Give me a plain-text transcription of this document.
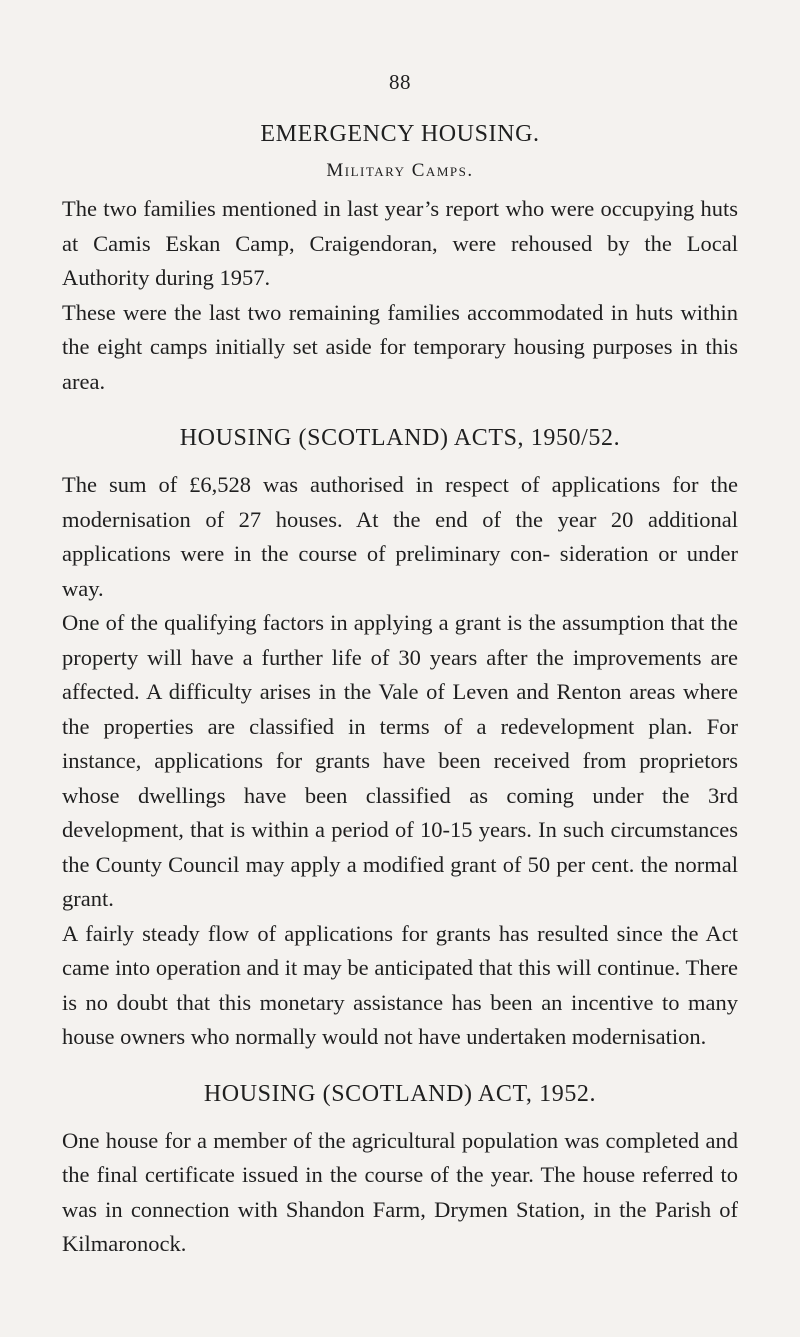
88
EMERGENCY HOUSING.
Military Camps.

The two families mentioned in last year’s report who were occupying huts at Camis Eskan Camp, Craigendoran, were rehoused by the Local Authority during 1957.

These were the last two remaining families accommodated in huts within the eight camps initially set aside for temporary housing purposes in this area.

HOUSING (SCOTLAND) ACTS, 1950/52.

The sum of £6,528 was authorised in respect of applications for the modernisation of 27 houses. At the end of the year 20 additional applications were in the course of preliminary con- sideration or under way.

One of the qualifying factors in applying a grant is the assumption that the property will have a further life of 30 years after the improvements are affected. A difficulty arises in the Vale of Leven and Renton areas where the properties are classified in terms of a redevelopment plan. For instance, applications for grants have been received from proprietors whose dwellings have been classified as coming under the 3rd development, that is within a period of 10-15 years. In such circumstances the County Council may apply a modified grant of 50 per cent. the normal grant.

A fairly steady flow of applications for grants has resulted since the Act came into operation and it may be anticipated that this will continue. There is no doubt that this monetary assistance has been an incentive to many house owners who normally would not have undertaken modernisation.

HOUSING (SCOTLAND) ACT, 1952.

One house for a member of the agricultural population was completed and the final certificate issued in the course of the year. The house referred to was in connection with Shandon Farm, Drymen Station, in the Parish of Kilmaronock.
